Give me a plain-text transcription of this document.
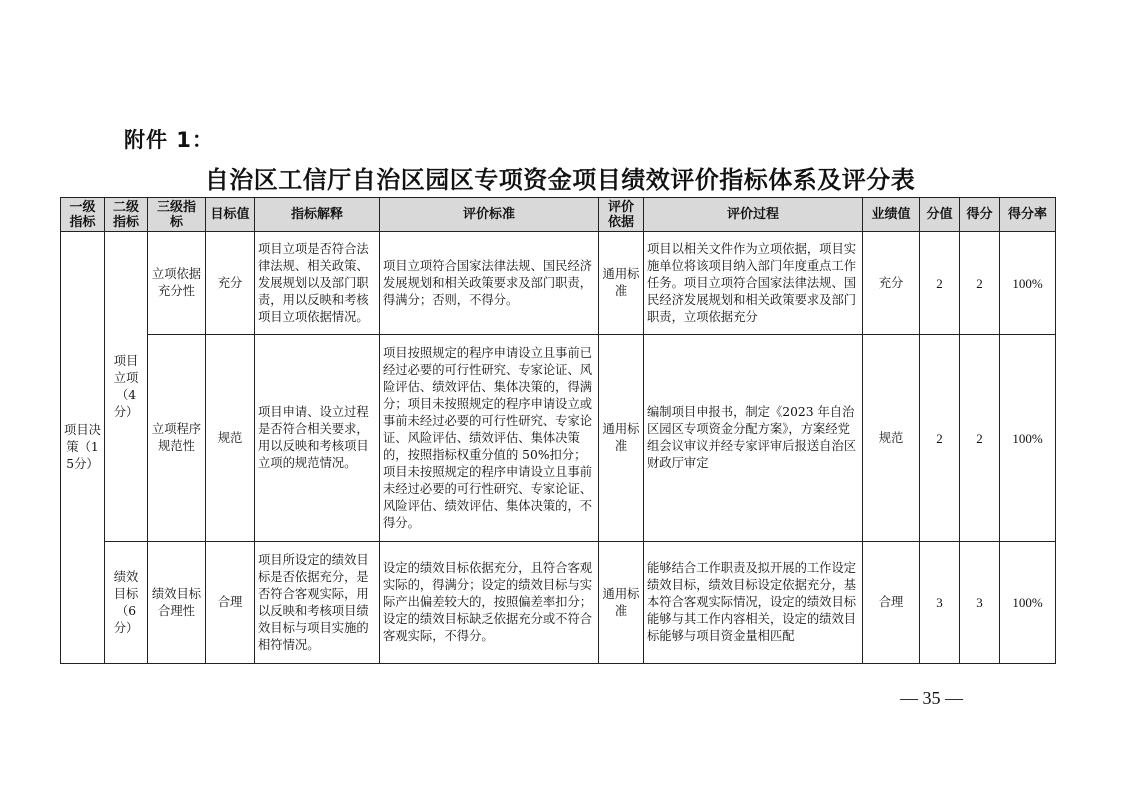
附件 1：
自治区工信厅自治区园区专项资金项目绩效评价指标体系及评分表
一级指标	二级指标	三级指标	目标值	指标解释	评价标准	评价依据	评价过程	业绩值	分值	得分	得分率
项目决策（15分）	项目立项（4分）	立项依据充分性	充分	项目立项是否符合法律法规、相关政策、发展规划以及部门职责，用以反映和考核项目立项依据情况。	项目立项符合国家法律法规、国民经济发展规划和相关政策要求及部门职责，得满分；否则，不得分。	通用标准	项目以相关文件作为立项依据，项目实施单位将该项目纳入部门年度重点工作任务。项目立项符合国家法律法规、国民经济发展规划和相关政策要求及部门职责，立项依据充分	充分	2	2	100%
		立项程序规范性	规范	项目申请、设立过程是否符合相关要求，用以反映和考核项目立项的规范情况。	项目按照规定的程序申请设立且事前已经过必要的可行性研究、专家论证、风险评估、绩效评估、集体决策的，得满分；项目未按照规定的程序申请设立或事前未经过必要的可行性研究、专家论证、风险评估、绩效评估、集体决策的，按照指标权重分值的 50%扣分；项目未按照规定的程序申请设立且事前未经过必要的可行性研究、专家论证、风险评估、绩效评估、集体决策的，不得分。	通用标准	编制项目申报书，制定《2023 年自治区园区专项资金分配方案》，方案经党组会议审议并经专家评审后报送自治区财政厅审定	规范	2	2	100%
	绩效目标（6分）	绩效目标合理性	合理	项目所设定的绩效目标是否依据充分，是否符合客观实际，用以反映和考核项目绩效目标与项目实施的相符情况。	设定的绩效目标依据充分，且符合客观实际的，得满分；设定的绩效目标与实际产出偏差较大的，按照偏差率扣分；设定的绩效目标缺乏依据充分或不符合客观实际，不得分。	通用标准	能够结合工作职责及拟开展的工作设定绩效目标，绩效目标设定依据充分，基本符合客观实际情况，设定的绩效目标能够与其工作内容相关，设定的绩效目标能够与项目资金量相匹配	合理	3	3	100%
— 35 —
